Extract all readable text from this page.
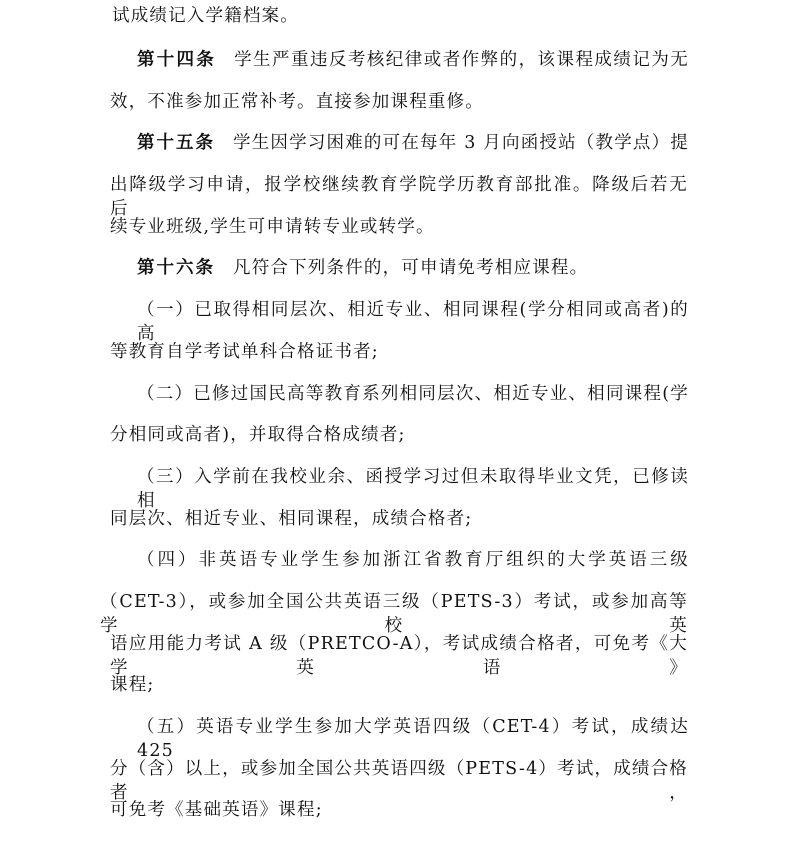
试成绩记入学籍档案。
第十四条 学生严重违反考核纪律或者作弊的，该课程成绩记为无
效，不准参加正常补考。直接参加课程重修。
第十五条 学生因学习困难的可在每年 3 月向函授站（教学点）提
出降级学习申请，报学校继续教育学院学历教育部批准。降级后若无后
续专业班级,学生可申请转专业或转学。
第十六条 凡符合下列条件的，可申请免考相应课程。
（一）已取得相同层次、相近专业、相同课程(学分相同或高者)的高
等教育自学考试单科合格证书者;
（二）已修过国民高等教育系列相同层次、相近专业、相同课程(学
分相同或高者)，并取得合格成绩者;
（三）入学前在我校业余、函授学习过但未取得毕业文凭，已修读相
同层次、相近专业、相同课程，成绩合格者;
（四）非英语专业学生参加浙江省教育厅组织的大学英语三级
（CET-3），或参加全国公共英语三级（PETS-3）考试，或参加高等学校英
语应用能力考试 A 级（PRETCO-A），考试成绩合格者，可免考《大学英语》
课程;
（五）英语专业学生参加大学英语四级（CET-4）考试，成绩达 425
分（含）以上，或参加全国公共英语四级（PETS-4）考试，成绩合格者，
可免考《基础英语》课程;
